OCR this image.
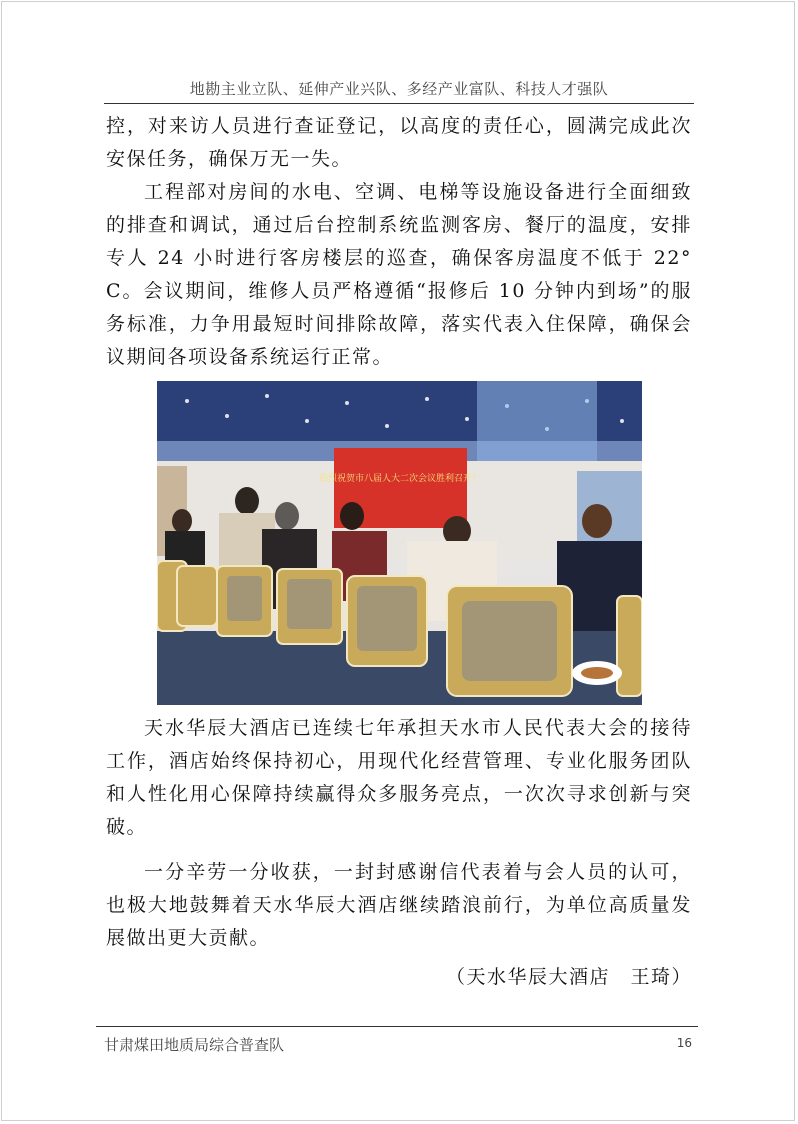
地勘主业立队、延伸产业兴队、多经产业富队、科技人才强队

控，对来访人员进行查证登记，以高度的责任心，圆满完成此次安保任务，确保万无一失。

工程部对房间的水电、空调、电梯等设施设备进行全面细致的排查和调试，通过后台控制系统监测客房、餐厅的温度，安排专人 24 小时进行客房楼层的巡查，确保客房温度不低于 22° C。会议期间，维修人员严格遵循“报修后 10 分钟内到场”的服务标准，力争用最短时间排除故障，落实代表入住保障，确保会议期间各项设备系统运行正常。

热烈祝贺市八届人大二次会议胜利召开！

天水华辰大酒店已连续七年承担天水市人民代表大会的接待工作，酒店始终保持初心，用现代化经营管理、专业化服务团队和人性化用心保障持续赢得众多服务亮点，一次次寻求创新与突破。

一分辛劳一分收获，一封封感谢信代表着与会人员的认可，也极大地鼓舞着天水华辰大酒店继续踏浪前行，为单位高质量发展做出更大贡献。

（天水华辰大酒店　王琦）
甘肃煤田地质局综合普查队	16
